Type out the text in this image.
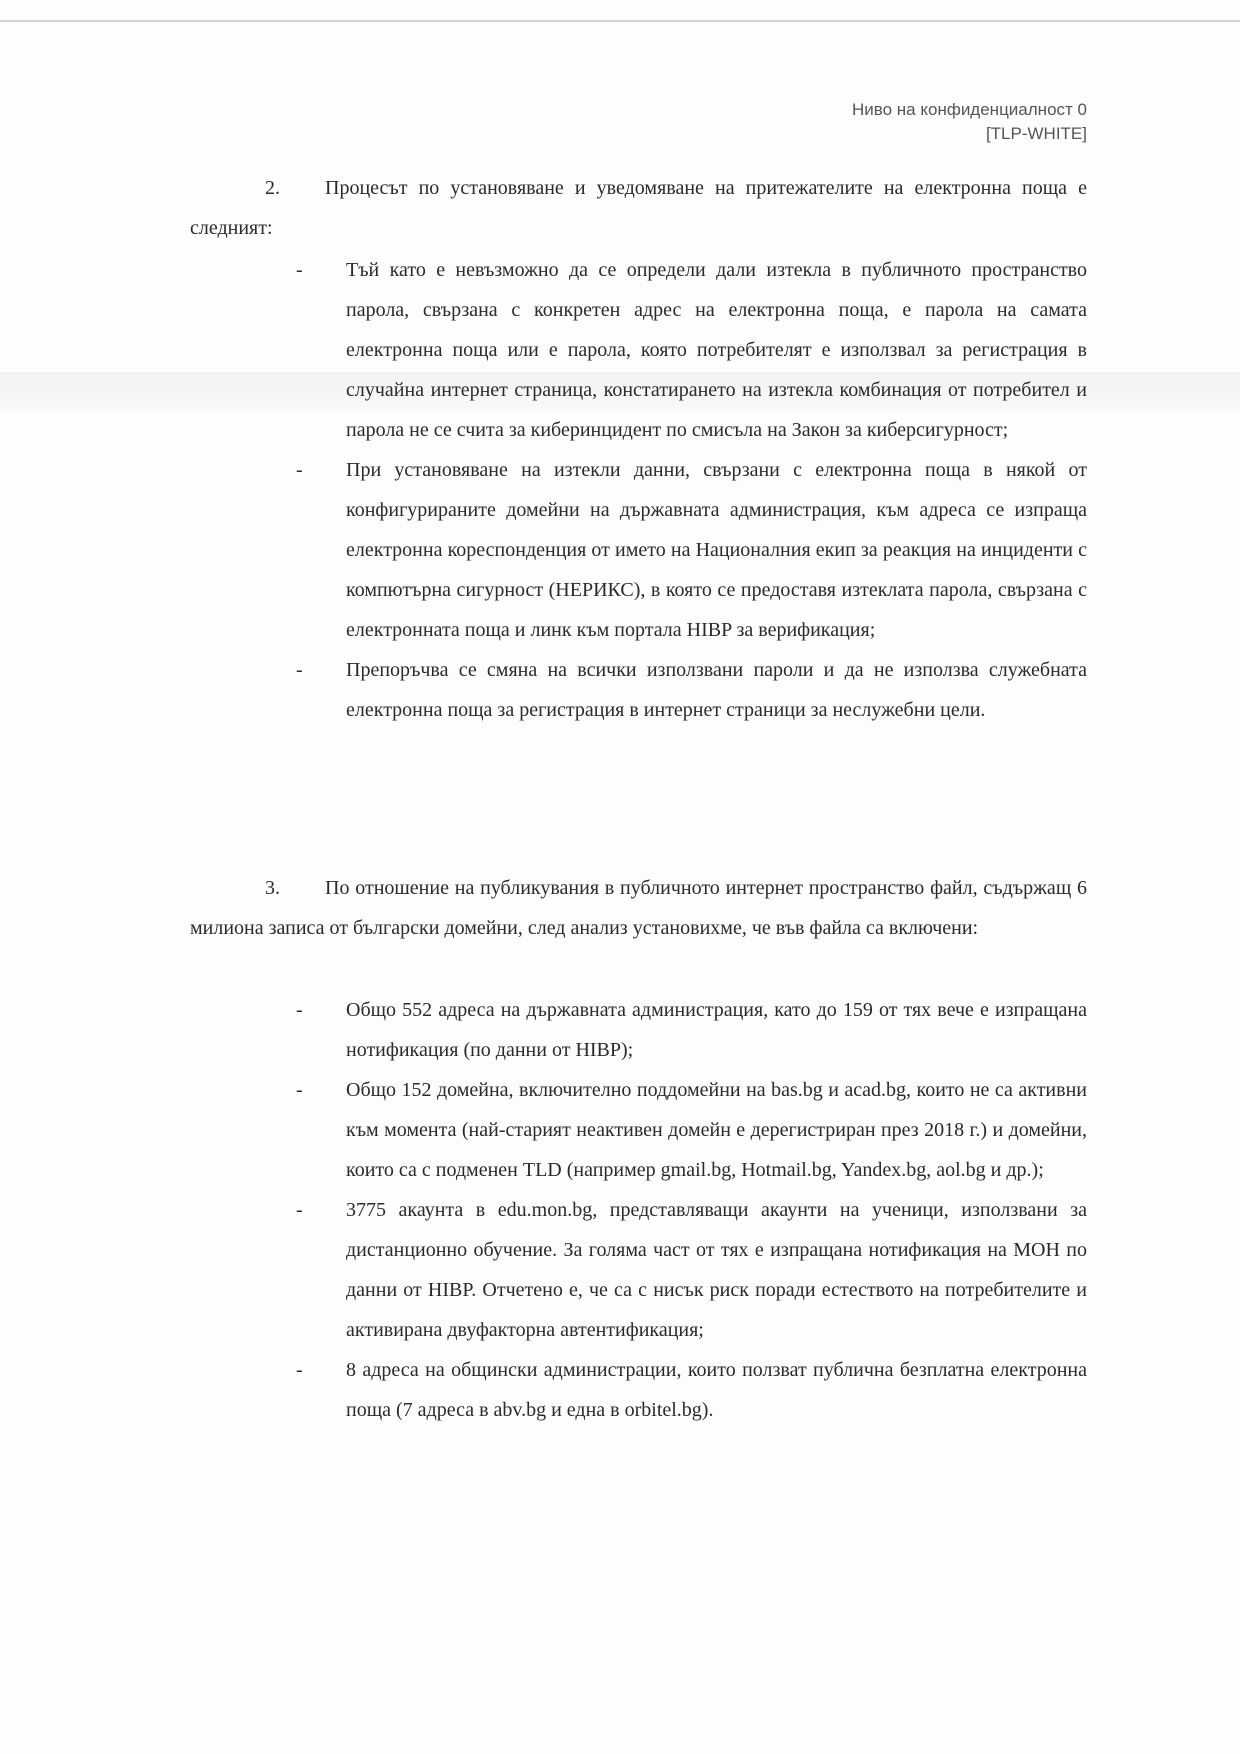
Ниво на конфиденциалност 0
[TLP-WHITE]

2. Процесът по установяване и уведомяване на притежателите на електронна поща е следният:

- Тъй като е невъзможно да се определи дали изтекла в публичното пространство парола, свързана с конкретен адрес на електронна поща, е парола на самата електронна поща или е парола, която потребителят е използвал за регистрация в случайна интернет страница, констатирането на изтекла комбинация от потребител и парола не се счита за киберинцидент по смисъла на Закон за киберсигурност;
- При установяване на изтекли данни, свързани с електронна поща в някой от конфигурираните домейни на държавната администрация, към адреса се изпраща електронна кореспонденция от името на Националния екип за реакция на инциденти с компютърна сигурност (НЕРИКС), в която се предоставя изтеклата парола, свързана с електронната поща и линк към портала HIBP за верификация;
- Препоръчва се смяна на всички използвани пароли и да не използва служебната електронна поща за регистрация в интернет страници за неслужебни цели.

3. По отношение на публикувания в публичното интернет пространство файл, съдържащ 6 милиона записа от български домейни, след анализ установихме, че във файла са включени:

- Общо 552 адреса на държавната администрация, като до 159 от тях вече е изпращана нотификация (по данни от HIBP);
- Общо 152 домейна, включително поддомейни на bas.bg и acad.bg, които не са активни към момента (най-старият неактивен домейн е дерегистриран през 2018 г.) и домейни, които са с подменен TLD (например gmail.bg, Hotmail.bg, Yandex.bg, aol.bg и др.);
- 3775 акаунта в edu.mon.bg, представляващи акаунти на ученици, използвани за дистанционно обучение. За голяма част от тях е изпращана нотификация на МОН по данни от HIBP. Отчетено е, че са с нисък риск поради естеството на потребителите и активирана двуфакторна автентификация;
- 8 адреса на общински администрации, които ползват публична безплатна електронна поща (7 адреса в abv.bg и една в orbitel.bg).
